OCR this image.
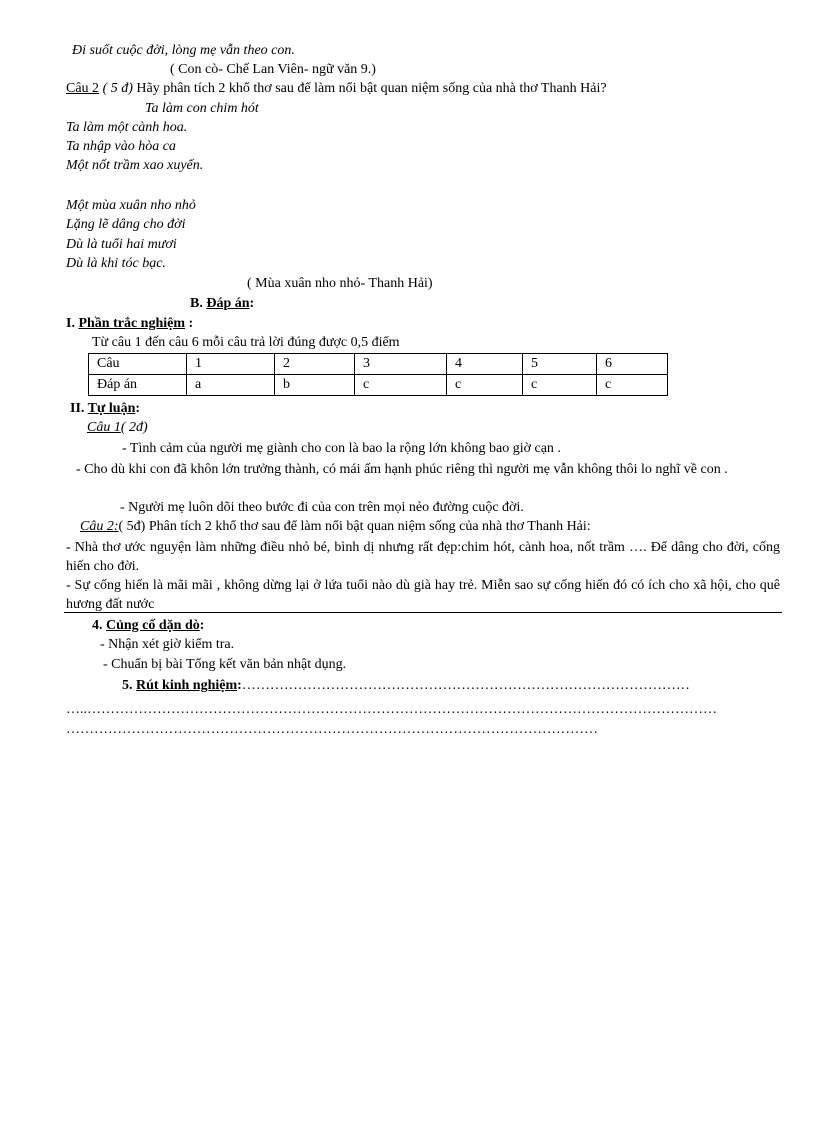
Đi suốt cuộc đời, lòng mẹ vẫn theo con.
( Con cò- Chế Lan Viên- ngữ văn 9.)
Câu 2 ( 5 đ) Hãy phân tích 2 khổ thơ sau để làm nổi bật quan niệm sống của nhà thơ Thanh Hải?
Ta làm con chim hót
Ta làm một cành hoa.
Ta nhập vào hòa ca
Một nốt trầm xao xuyến.
Một mùa xuân nho nhỏ
Lặng lẽ dâng cho đời
Dù là tuổi hai mươi
Dù là khi tóc bạc.
( Mùa xuân nho nhỏ- Thanh Hải)
B. Đáp án:
I. Phần trắc nghiệm :
Từ câu 1 đến câu 6 mỗi câu trả lời đúng được 0,5 điểm
Câu	1	2	3	4	5	6
Đáp án	a	b	c	c	c	c
II. Tự luận:
Câu 1( 2đ)
- Tình cảm của người mẹ giành cho con là bao la rộng lớn không bao giờ cạn .
- Cho dù khi con đã khôn lớn trưởng thành, có mái ấm hạnh phúc riêng thì người mẹ vẫn không thôi lo nghĩ về con .
- Người mẹ luôn dõi theo bước đi của con trên mọi nẻo đường cuộc đời.
Câu 2:( 5đ) Phân tích 2 khổ thơ sau để làm nổi bật quan niệm sống của nhà thơ Thanh Hải:
- Nhà thơ ước nguyện làm những điều nhỏ bé, bình dị nhưng rất đẹp:chim hót, cành hoa, nốt trầm …. Để dâng cho đời, cống hiến cho đời.
- Sự cống hiến là mãi mãi , không dừng lại ở lứa tuổi nào dù già hay trẻ. Miễn sao sự cống hiến đó có ích cho xã hội, cho quê hương đất nước
4. Củng cố dặn dò:
- Nhận xét giờ kiểm tra.
- Chuẩn bị bài Tổng kết văn bản nhật dụng.
5. Rút kinh nghiệm:……………………………………………………………………………………
…..………………………………………………………………………………………………………………………
……………………………………………………………………………………………………
